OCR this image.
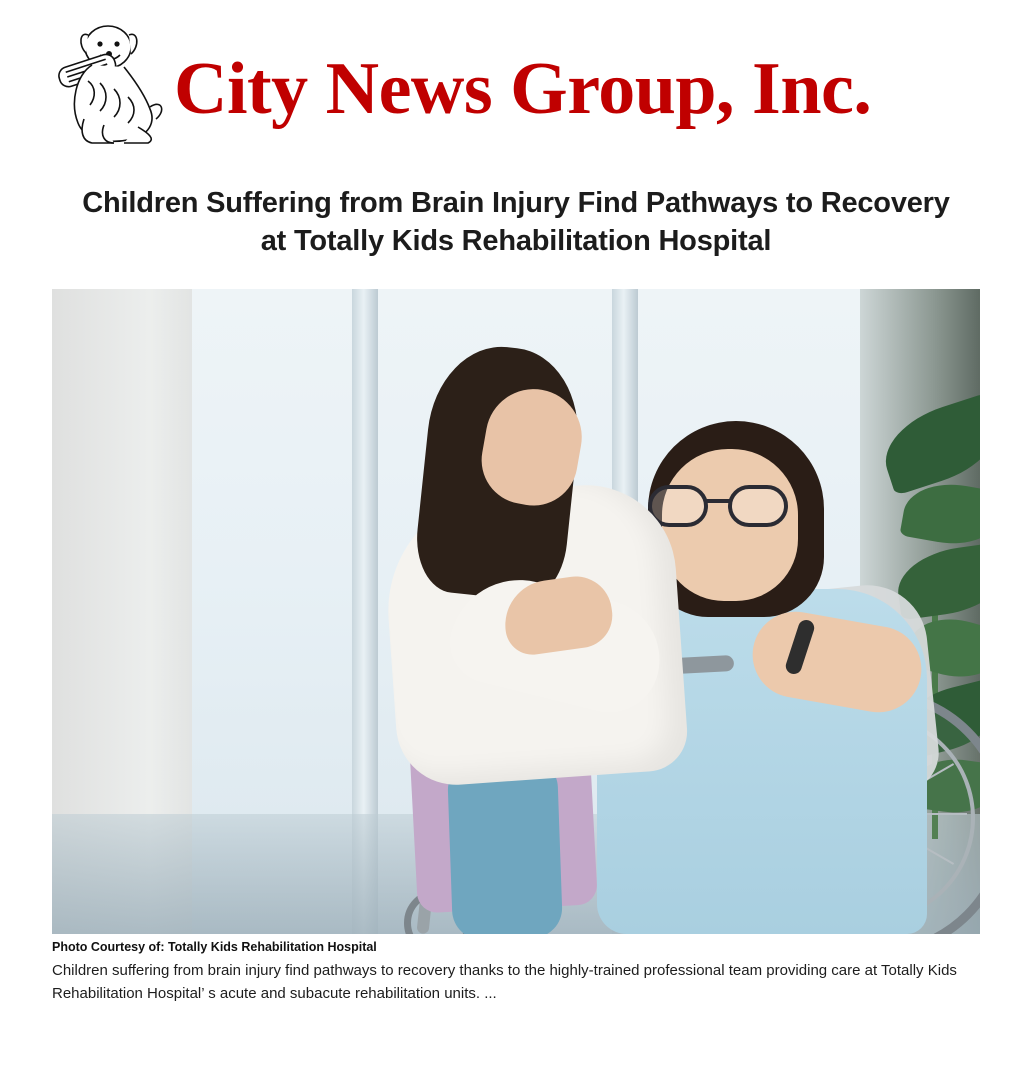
City News Group, Inc.
Children Suffering from Brain Injury Find Pathways to Recovery at Totally Kids Rehabilitation Hospital
Photo Courtesy of: Totally Kids Rehabilitation Hospital
Children suffering from brain injury find pathways to recovery thanks to the highly-trained professional team providing care at Totally Kids Rehabilitation Hospital’ s acute and subacute rehabilitation units. ...
